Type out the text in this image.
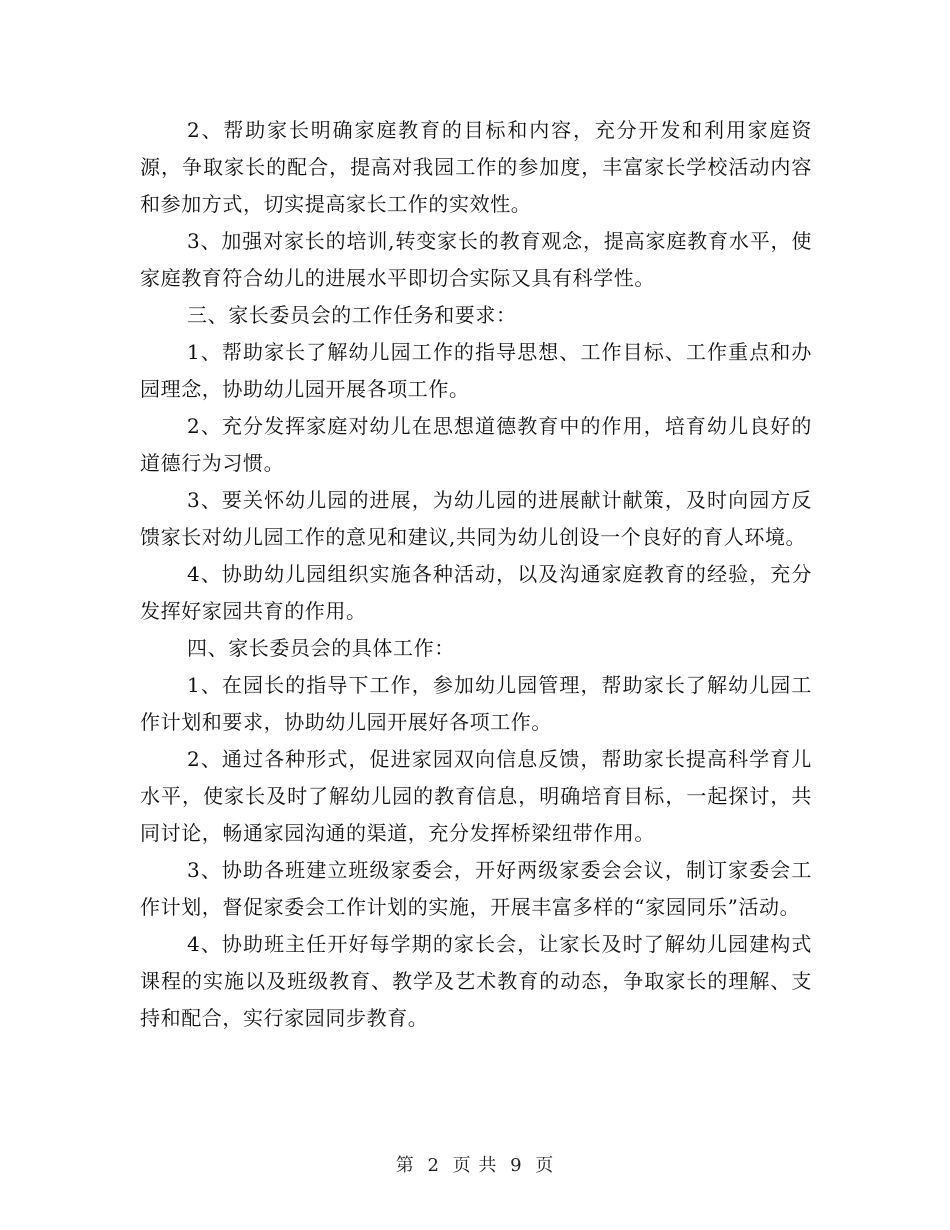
2、帮助家长明确家庭教育的目标和内容，充分开发和利用家庭资源，争取家长的配合，提高对我园工作的参加度，丰富家长学校活动内容和参加方式，切实提高家长工作的实效性。

3、加强对家长的培训,转变家长的教育观念，提高家庭教育水平，使家庭教育符合幼儿的进展水平即切合实际又具有科学性。

三、家长委员会的工作任务和要求：

1、帮助家长了解幼儿园工作的指导思想、工作目标、工作重点和办园理念，协助幼儿园开展各项工作。

2、充分发挥家庭对幼儿在思想道德教育中的作用，培育幼儿良好的道德行为习惯。

3、要关怀幼儿园的进展，为幼儿园的进展献计献策，及时向园方反馈家长对幼儿园工作的意见和建议,共同为幼儿创设一个良好的育人环境。

4、协助幼儿园组织实施各种活动，以及沟通家庭教育的经验，充分发挥好家园共育的作用。

四、家长委员会的具体工作：

1、在园长的指导下工作，参加幼儿园管理，帮助家长了解幼儿园工作计划和要求，协助幼儿园开展好各项工作。

2、通过各种形式，促进家园双向信息反馈，帮助家长提高科学育儿水平，使家长及时了解幼儿园的教育信息，明确培育目标，一起探讨，共同讨论，畅通家园沟通的渠道，充分发挥桥梁纽带作用。

3、协助各班建立班级家委会，开好两级家委会会议，制订家委会工作计划，督促家委会工作计划的实施，开展丰富多样的“家园同乐”活动。

4、协助班主任开好每学期的家长会，让家长及时了解幼儿园建构式课程的实施以及班级教育、教学及艺术教育的动态，争取家长的理解、支持和配合，实行家园同步教育。

第 2 页 共 9 页
